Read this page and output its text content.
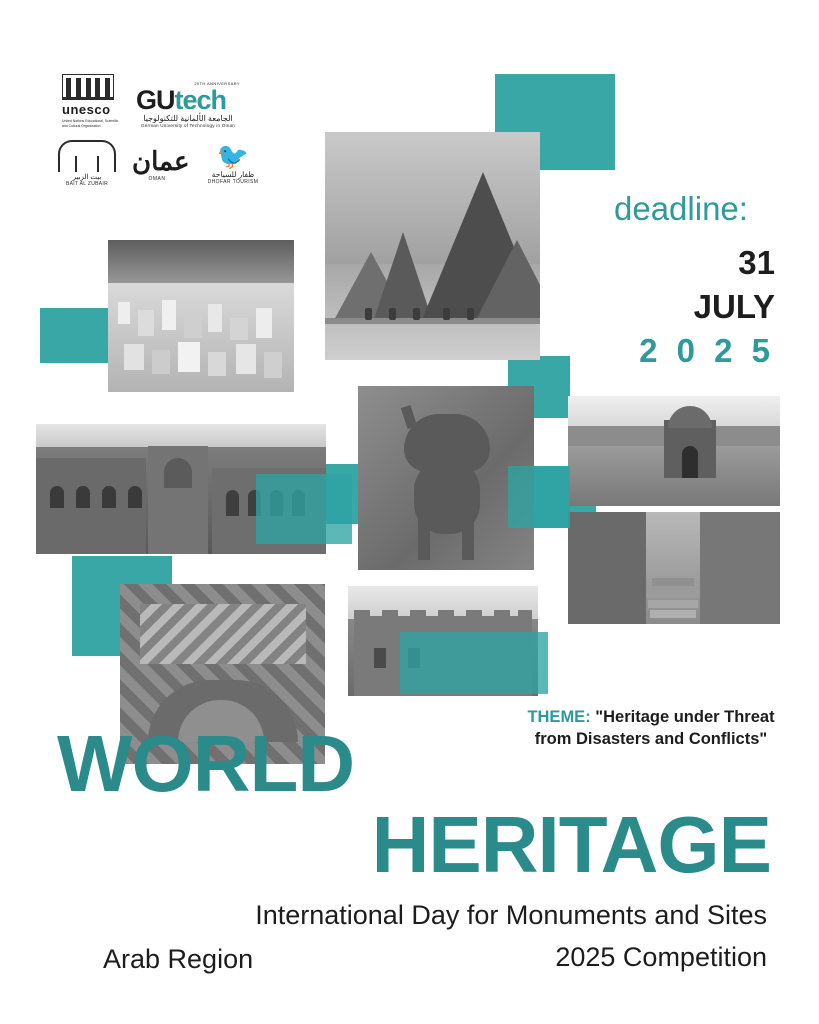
unesco
United Nations Educational, Scientific and Cultural Organization
20TH ANNIVERSARY
GUtech
الجامعة الألمانية للتكنولوجيا
German University of Technology in Oman
بيت الزبير
BAIT AL ZUBAIR
عمان
OMAN
🐦
ظفار للسياحة
DHOFAR TOURISM
deadline:
31
JULY
2 0 2 5
THEME: "Heritage under Threat from Disasters and Conflicts"
WORLD
HERITAGE
International Day for Monuments and Sites
2025 Competition
Arab Region
